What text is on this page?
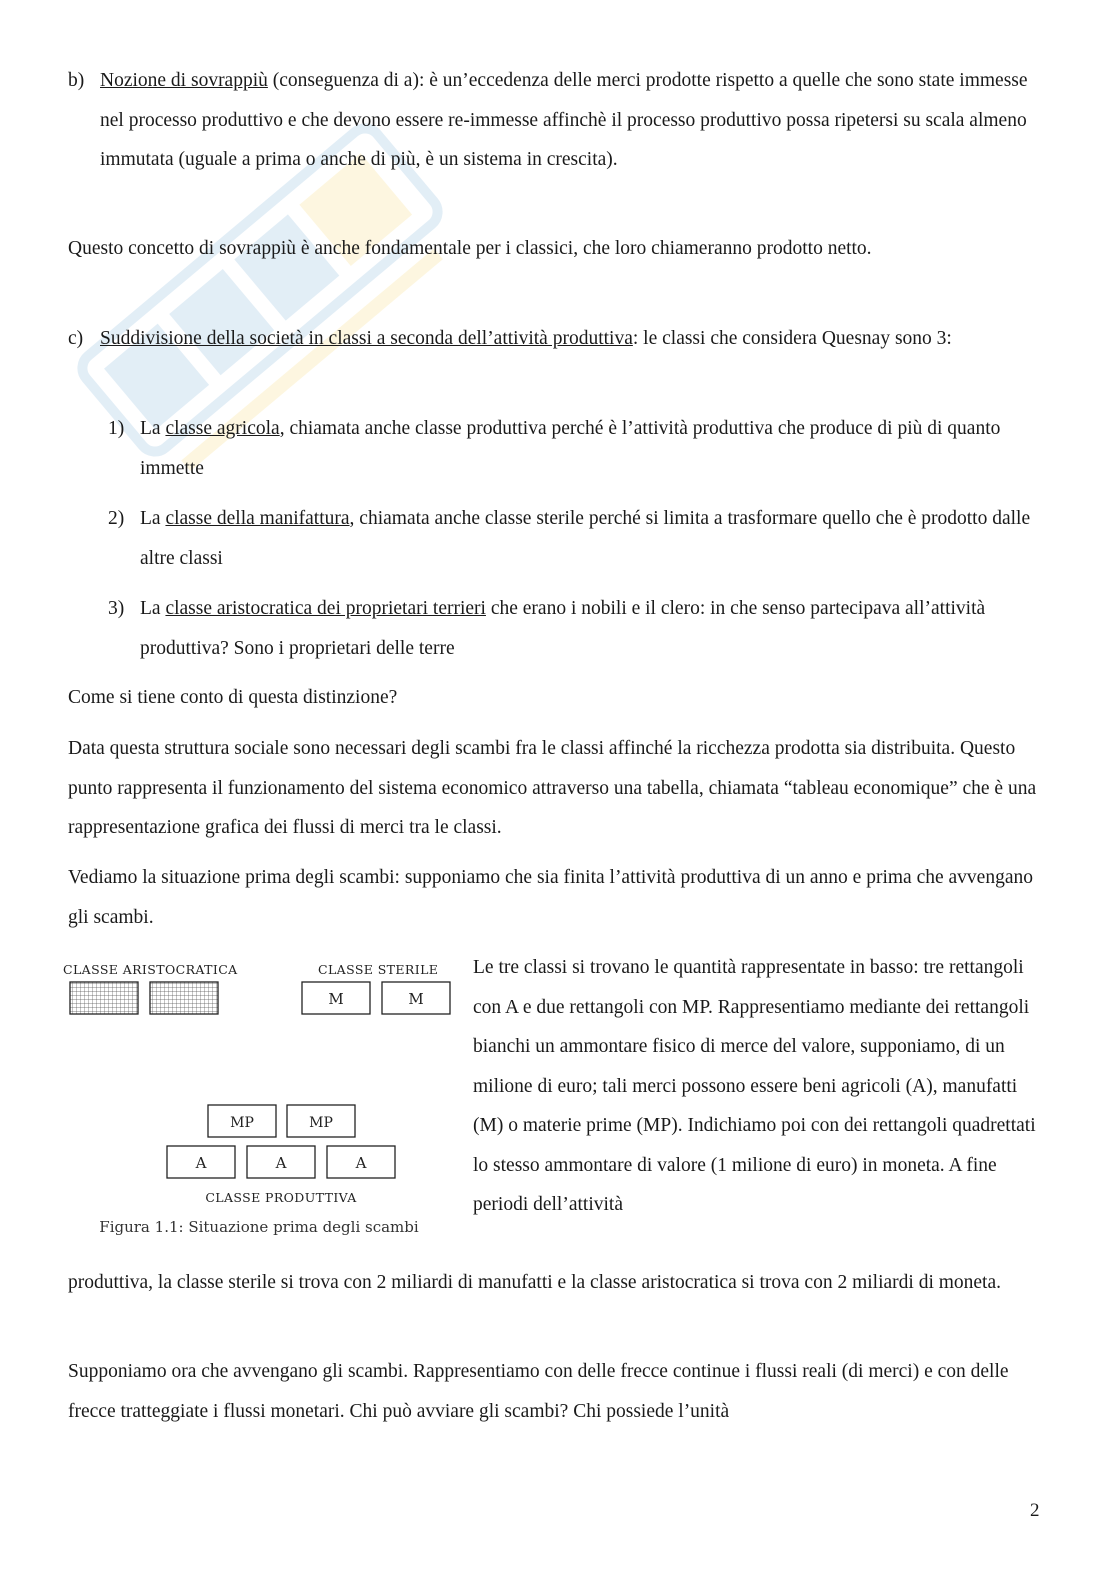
b) Nozione di sovrappiù (conseguenza di a): è un’eccedenza delle merci prodotte rispetto a quelle che sono state immesse nel processo produttivo e che devono essere re-immesse affinchè il processo produttivo possa ripetersi su scala almeno immutata (uguale a prima o anche di più, è un sistema in crescita).

Questo concetto di sovrappiù è anche fondamentale per i classici, che loro chiameranno prodotto netto.

c) Suddivisione della società in classi a seconda dell’attività produttiva: le classi che considera Quesnay sono 3:

1) La classe agricola, chiamata anche classe produttiva perché è l’attività produttiva che produce di più di quanto immette

2) La classe della manifattura, chiamata anche classe sterile perché si limita a trasformare quello che è prodotto dalle altre classi

3) La classe aristocratica dei proprietari terrieri che erano i nobili e il clero: in che senso partecipava all’attività produttiva? Sono i proprietari delle terre

Come si tiene conto di questa distinzione?

Data questa struttura sociale sono necessari degli scambi fra le classi affinché la ricchezza prodotta sia distribuita. Questo punto rappresenta il funzionamento del sistema economico attraverso una tabella, chiamata “tableau economique” che è una rappresentazione grafica dei flussi di merci tra le classi.

Vediamo la situazione prima degli scambi: supponiamo che sia finita l’attività produttiva di un anno e prima che avvengano gli scambi.

CLASSE ARISTOCRATICA	CLASSE STERILE
M	M
MP	MP
A	A	A
CLASSE PRODUTTIVA
Figura 1.1: Situazione prima degli scambi

Le tre classi si trovano le quantità rappresentate in basso: tre rettangoli con A e due rettangoli con MP. Rappresentiamo mediante dei rettangoli bianchi un ammontare fisico di merce del valore, supponiamo, di un milione di euro; tali merci possono essere beni agricoli (A), manufatti (M) o materie prime (MP). Indichiamo poi con dei rettangoli quadrettati lo stesso ammontare di valore (1 milione di euro) in moneta. A fine periodi dell’attività

produttiva, la classe sterile si trova con 2 miliardi di manufatti e la classe aristocratica si trova con 2 miliardi di moneta.

Supponiamo ora che avvengano gli scambi. Rappresentiamo con delle frecce continue i flussi reali (di merci) e con delle frecce tratteggiate i flussi monetari. Chi può avviare gli scambi? Chi possiede l’unità

2
